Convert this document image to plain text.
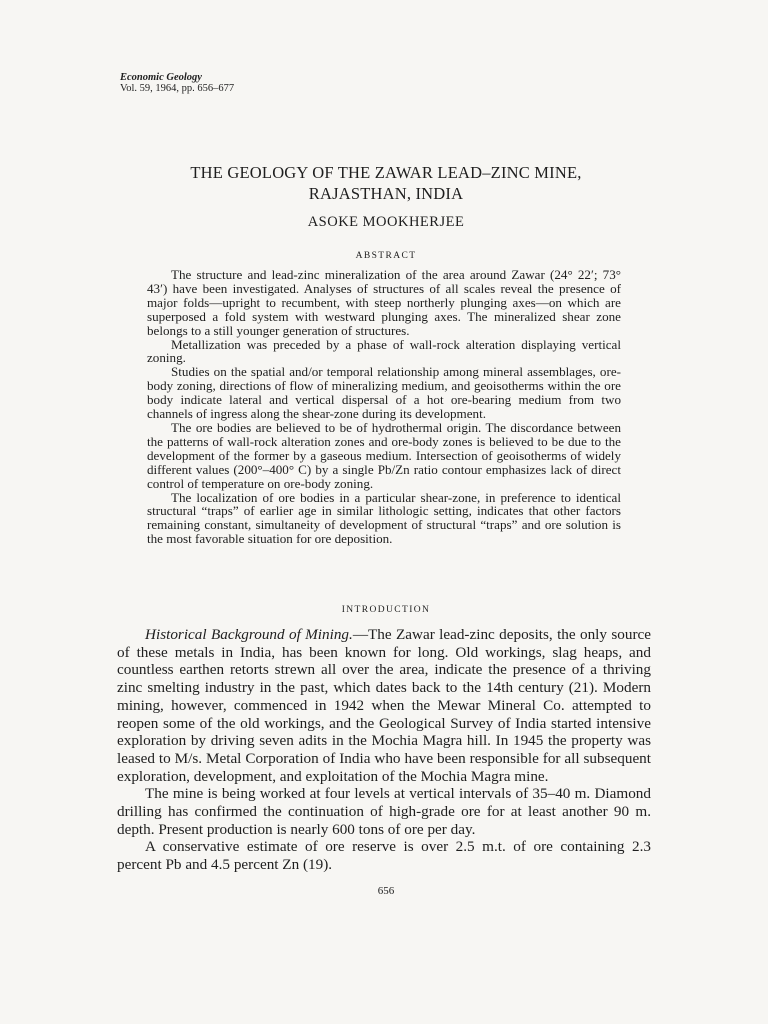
Economic Geology
Vol. 59, 1964, pp. 656–677
THE GEOLOGY OF THE ZAWAR LEAD–ZINC MINE,
RAJASTHAN, INDIA
ASOKE MOOKHERJEE
ABSTRACT

The structure and lead-zinc mineralization of the area around Zawar (24° 22′; 73° 43′) have been investigated. Analyses of structures of all scales reveal the presence of major folds—upright to recumbent, with steep northerly plunging axes—on which are superposed a fold system with westward plunging axes. The mineralized shear zone belongs to a still younger generation of structures.

Metallization was preceded by a phase of wall-rock alteration displaying vertical zoning.

Studies on the spatial and/or temporal relationship among mineral assemblages, ore-body zoning, directions of flow of mineralizing medium, and geoisotherms within the ore body indicate lateral and vertical dispersal of a hot ore-bearing medium from two channels of ingress along the shear-zone during its development.

The ore bodies are believed to be of hydrothermal origin. The discordance between the patterns of wall-rock alteration zones and ore-body zones is believed to be due to the development of the former by a gaseous medium. Intersection of geoisotherms of widely different values (200°–400° C) by a single Pb/Zn ratio contour emphasizes lack of direct control of temperature on ore-body zoning.

The localization of ore bodies in a particular shear-zone, in preference to identical structural “traps” of earlier age in similar lithologic setting, indicates that other factors remaining constant, simultaneity of development of structural “traps” and ore solution is the most favorable situation for ore deposition.

INTRODUCTION

Historical Background of Mining.—The Zawar lead-zinc deposits, the only source of these metals in India, has been known for long. Old workings, slag heaps, and countless earthen retorts strewn all over the area, indicate the presence of a thriving zinc smelting industry in the past, which dates back to the 14th century (21). Modern mining, however, commenced in 1942 when the Mewar Mineral Co. attempted to reopen some of the old workings, and the Geological Survey of India started intensive exploration by driving seven adits in the Mochia Magra hill. In 1945 the property was leased to M/s. Metal Corporation of India who have been responsible for all subsequent exploration, development, and exploitation of the Mochia Magra mine.

The mine is being worked at four levels at vertical intervals of 35–40 m. Diamond drilling has confirmed the continuation of high-grade ore for at least another 90 m. depth. Present production is nearly 600 tons of ore per day.

A conservative estimate of ore reserve is over 2.5 m.t. of ore containing 2.3 percent Pb and 4.5 percent Zn (19).

656
